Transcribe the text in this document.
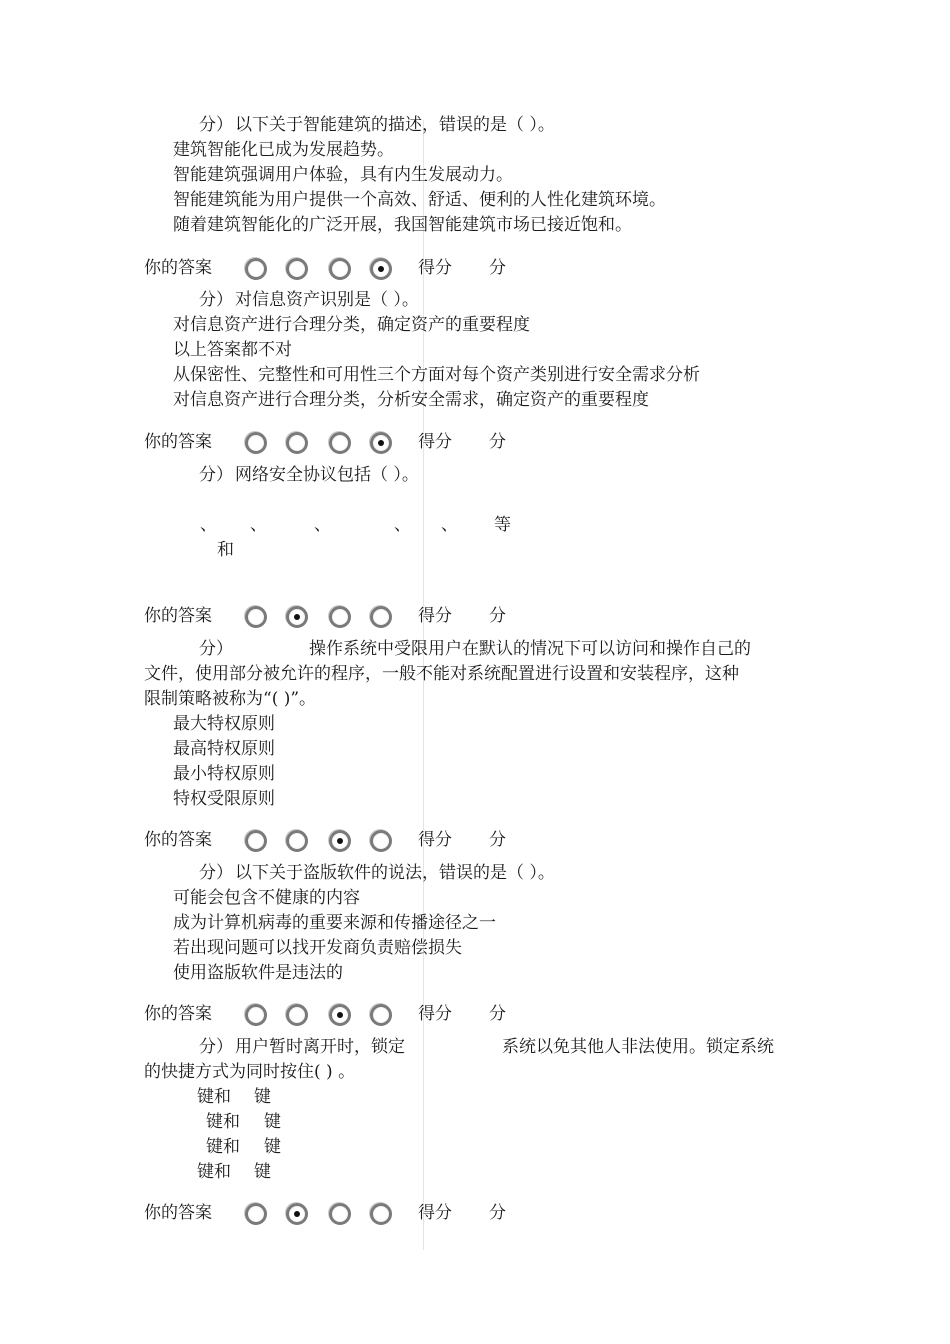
分） 以下关于智能建筑的描述，错误的是（ ）。
建筑智能化已成为发展趋势。
智能建筑强调用户体验，具有内生发展动力。
智能建筑能为用户提供一个高效、舒适、便利的人性化建筑环境。
随着建筑智能化的广泛开展，我国智能建筑市场已接近饱和。
你的答案	得分 分
分） 对信息资产识别是（ ）。
对信息资产进行合理分类，确定资产的重要程度
以上答案都不对
从保密性、完整性和可用性三个方面对每个资产类别进行安全需求分析
对信息资产进行合理分类，分析安全需求，确定资产的重要程度
你的答案	得分 分
分） 网络安全协议包括（ ）。
、 、	、	、 、 等
和
你的答案	得分 分
分）	操作系统中受限用户在默认的情况下可以访问和操作自己的
文件，使用部分被允许的程序，一般不能对系统配置进行设置和安装程序，这种
限制策略被称为“( )”。
最大特权原则
最高特权原则
最小特权原则
特权受限原则
你的答案	得分 分
分） 以下关于盗版软件的说法，错误的是（ ）。
可能会包含不健康的内容
成为计算机病毒的重要来源和传播途径之一
若出现问题可以找开发商负责赔偿损失
使用盗版软件是违法的
你的答案	得分 分
分） 用户暂时离开时，锁定	系统以免其他人非法使用。锁定系统
的快捷方式为同时按住( ) 。
键和 键
键和 键
键和 键
键和 键
你的答案	得分 分
